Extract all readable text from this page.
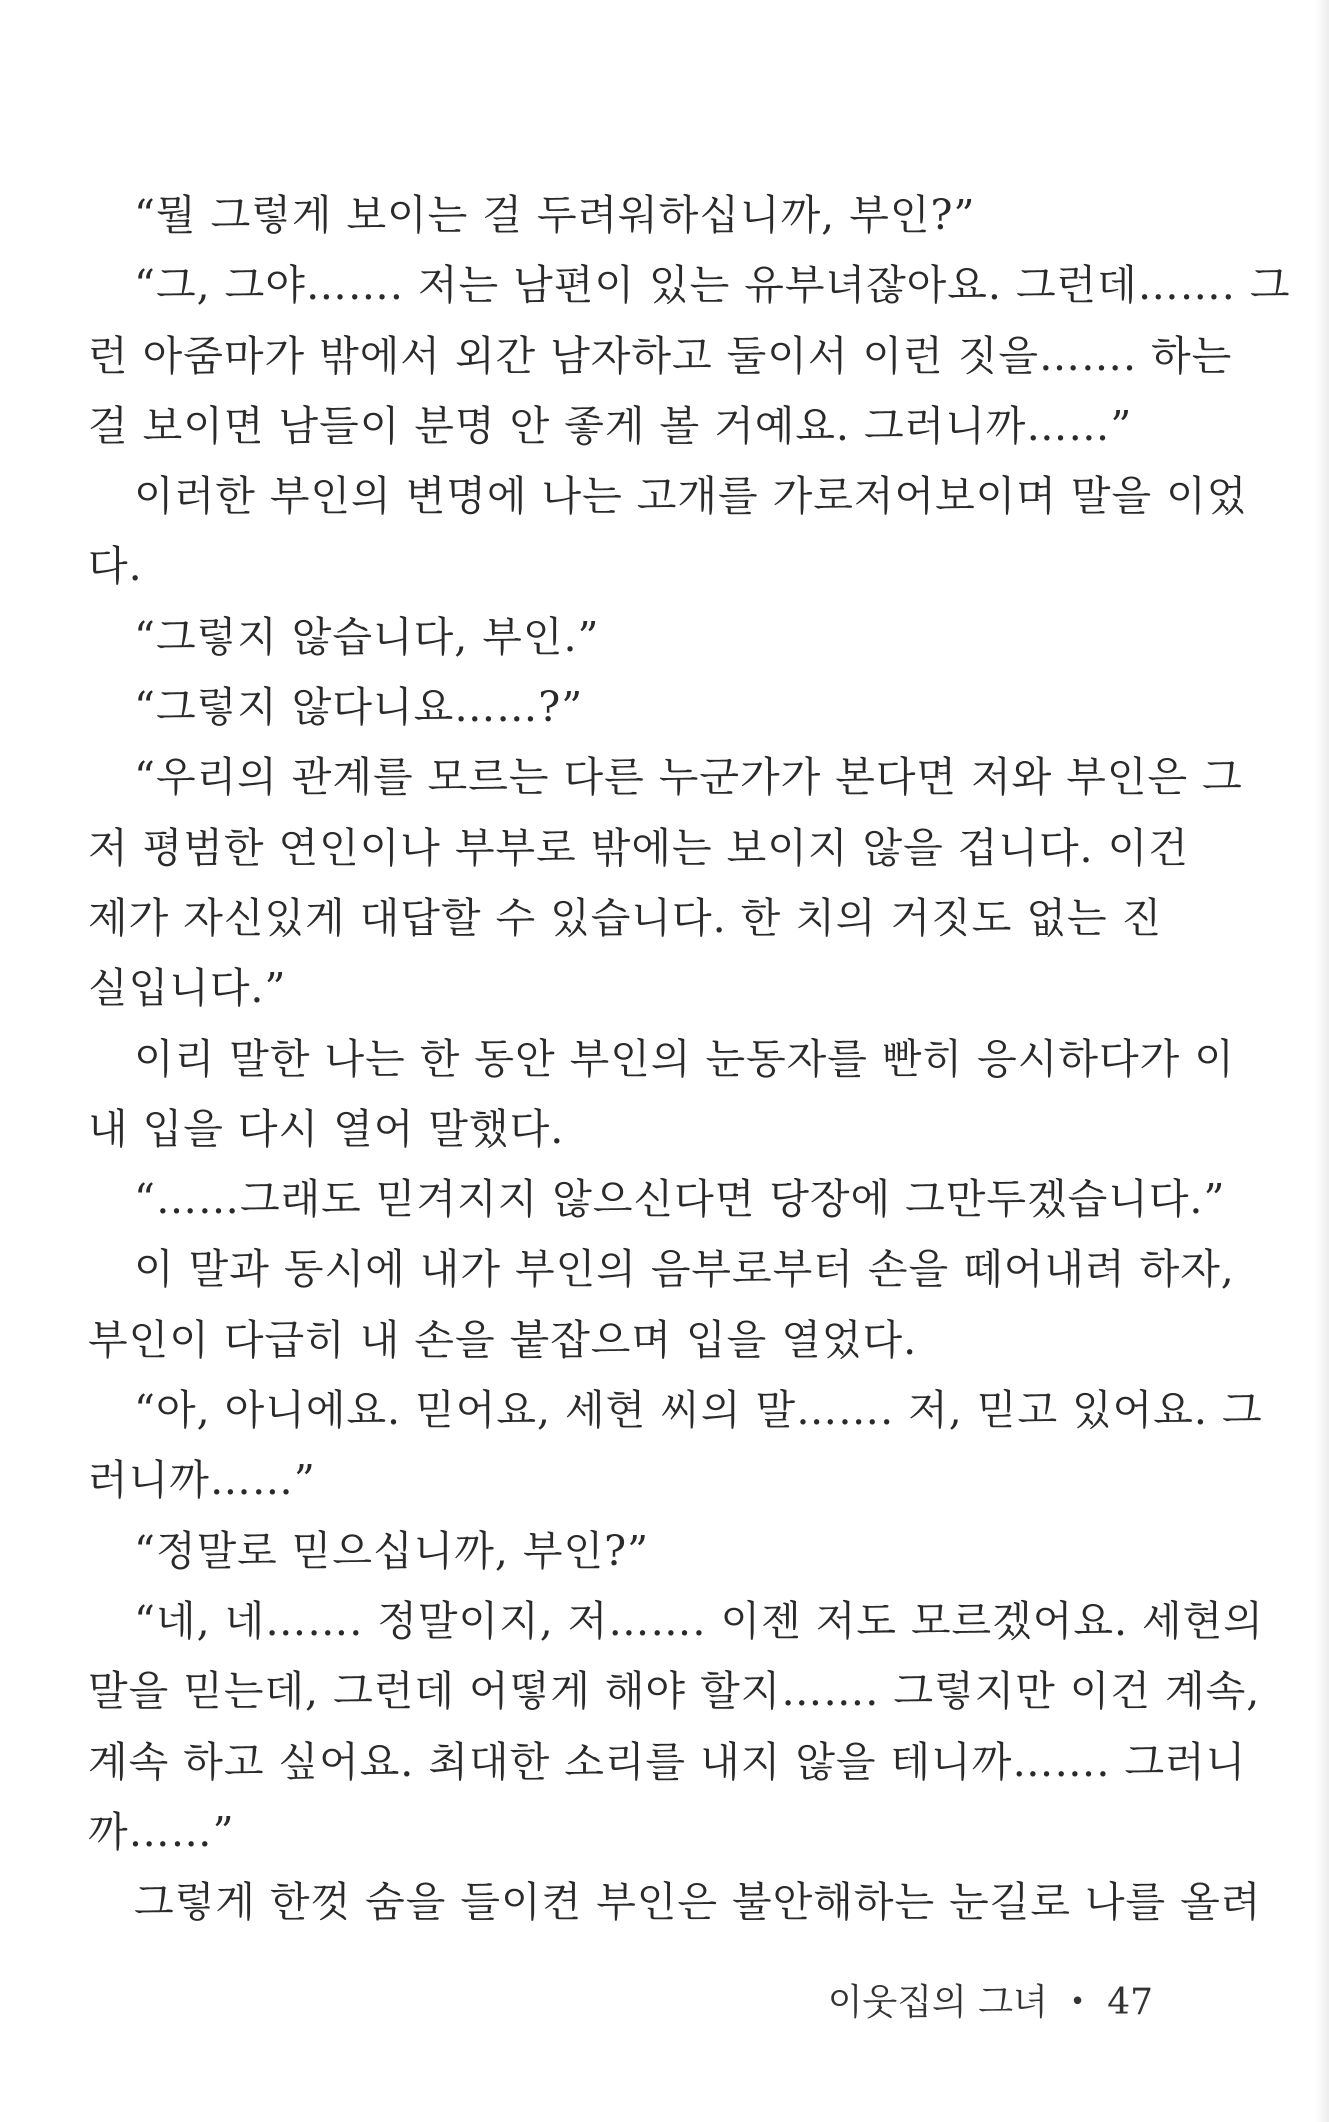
“뭘 그렇게 보이는 걸 두려워하십니까, 부인?”
“그, 그야……. 저는 남편이 있는 유부녀잖아요. 그런데……. 그
런 아줌마가 밖에서 외간 남자하고 둘이서 이런 짓을……. 하는
걸 보이면 남들이 분명 안 좋게 볼 거예요. 그러니까……”
이러한 부인의 변명에 나는 고개를 가로저어보이며 말을 이었
다.
“그렇지 않습니다, 부인.”
“그렇지 않다니요……?”
“우리의 관계를 모르는 다른 누군가가 본다면 저와 부인은 그
저 평범한 연인이나 부부로 밖에는 보이지 않을 겁니다. 이건
제가 자신있게 대답할 수 있습니다. 한 치의 거짓도 없는 진
실입니다.”
이리 말한 나는 한 동안 부인의 눈동자를 빤히 응시하다가 이
내 입을 다시 열어 말했다.
“……그래도 믿겨지지 않으신다면 당장에 그만두겠습니다.”
이 말과 동시에 내가 부인의 음부로부터 손을 떼어내려 하자,
부인이 다급히 내 손을 붙잡으며 입을 열었다.
“아, 아니에요. 믿어요, 세현 씨의 말……. 저, 믿고 있어요. 그
러니까……”
“정말로 믿으십니까, 부인?”
“네, 네……. 정말이지, 저……. 이젠 저도 모르겠어요. 세현의
말을 믿는데, 그런데 어떻게 해야 할지……. 그렇지만 이건 계속,
계속 하고 싶어요. 최대한 소리를 내지 않을 테니까……. 그러니
까……”
그렇게 한껏 숨을 들이켠 부인은 불안해하는 눈길로 나를 올려
이웃집의 그녀 • 47
